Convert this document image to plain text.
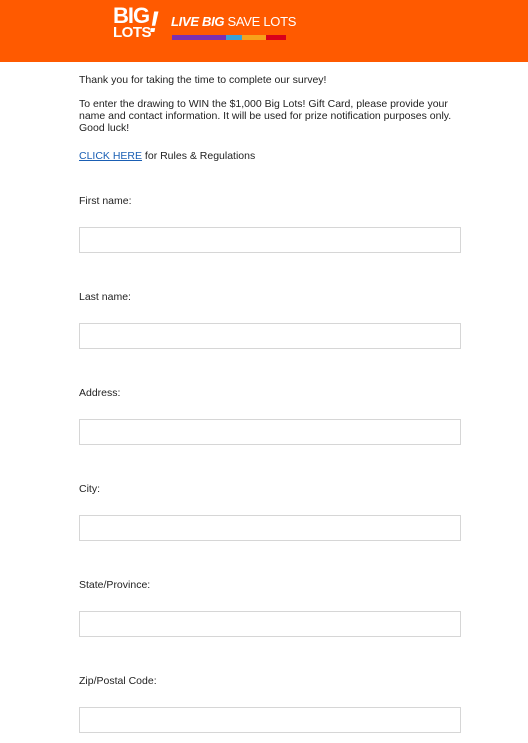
BIG
LOTS
! LIVE BIG SAVE LOTS

Thank you for taking the time to complete our survey!

To enter the drawing to WIN the $1,000 Big Lots! Gift Card, please provide your name and contact information. It will be used for prize notification purposes only. Good luck!

CLICK HERE for Rules & Regulations

First name:
Last name:
Address:
City:
State/Province:
Zip/Postal Code:
